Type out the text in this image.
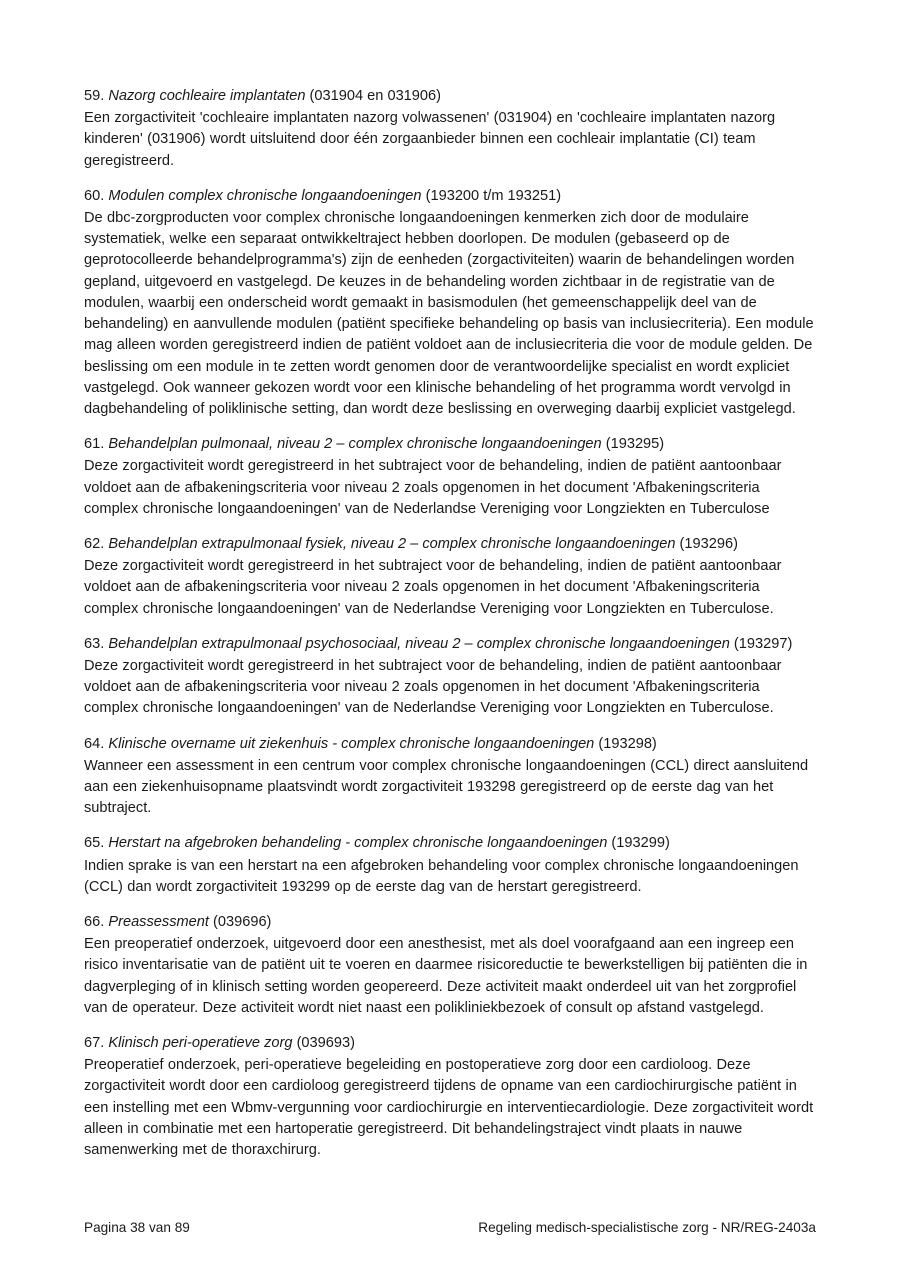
59. Nazorg cochleaire implantaten (031904 en 031906)

Een zorgactiviteit 'cochleaire implantaten nazorg volwassenen' (031904) en 'cochleaire implantaten nazorg kinderen' (031906) wordt uitsluitend door één zorgaanbieder binnen een cochleair implantatie (CI) team geregistreerd.

60. Modulen complex chronische longaandoeningen (193200 t/m 193251)

De dbc-zorgproducten voor complex chronische longaandoeningen kenmerken zich door de modulaire systematiek, welke een separaat ontwikkeltraject hebben doorlopen. De modulen (gebaseerd op de geprotocolleerde behandelprogramma's) zijn de eenheden (zorgactiviteiten) waarin de behandelingen worden gepland, uitgevoerd en vastgelegd. De keuzes in de behandeling worden zichtbaar in de registratie van de modulen, waarbij een onderscheid wordt gemaakt in basismodulen (het gemeenschappelijk deel van de behandeling) en aanvullende modulen (patiënt specifieke behandeling op basis van inclusiecriteria). Een module mag alleen worden geregistreerd indien de patiënt voldoet aan de inclusiecriteria die voor de module gelden. De beslissing om een module in te zetten wordt genomen door de verantwoordelijke specialist en wordt expliciet vastgelegd. Ook wanneer gekozen wordt voor een klinische behandeling of het programma wordt vervolgd in dagbehandeling of poliklinische setting, dan wordt deze beslissing en overweging daarbij expliciet vastgelegd.

61. Behandelplan pulmonaal, niveau 2 – complex chronische longaandoeningen (193295)

Deze zorgactiviteit wordt geregistreerd in het subtraject voor de behandeling, indien de patiënt aantoonbaar voldoet aan de afbakeningscriteria voor niveau 2 zoals opgenomen in het document 'Afbakeningscriteria complex chronische longaandoeningen' van de Nederlandse Vereniging voor Longziekten en Tuberculose

62. Behandelplan extrapulmonaal fysiek, niveau 2 – complex chronische longaandoeningen (193296)

Deze zorgactiviteit wordt geregistreerd in het subtraject voor de behandeling, indien de patiënt aantoonbaar voldoet aan de afbakeningscriteria voor niveau 2 zoals opgenomen in het document 'Afbakeningscriteria complex chronische longaandoeningen' van de Nederlandse Vereniging voor Longziekten en Tuberculose.

63. Behandelplan extrapulmonaal psychosociaal, niveau 2 – complex chronische longaandoeningen (193297)

Deze zorgactiviteit wordt geregistreerd in het subtraject voor de behandeling, indien de patiënt aantoonbaar voldoet aan de afbakeningscriteria voor niveau 2 zoals opgenomen in het document 'Afbakeningscriteria complex chronische longaandoeningen' van de Nederlandse Vereniging voor Longziekten en Tuberculose.

64. Klinische overname uit ziekenhuis - complex chronische longaandoeningen (193298)

Wanneer een assessment in een centrum voor complex chronische longaandoeningen (CCL) direct aansluitend aan een ziekenhuisopname plaatsvindt wordt zorgactiviteit 193298 geregistreerd op de eerste dag van het subtraject.

65. Herstart na afgebroken behandeling - complex chronische longaandoeningen (193299)

Indien sprake is van een herstart na een afgebroken behandeling voor complex chronische longaandoeningen (CCL) dan wordt zorgactiviteit 193299 op de eerste dag van de herstart geregistreerd.

66. Preassessment (039696)

Een preoperatief onderzoek, uitgevoerd door een anesthesist, met als doel voorafgaand aan een ingreep een risico inventarisatie van de patiënt uit te voeren en daarmee risicoreductie te bewerkstelligen bij patiënten die in dagverpleging of in klinisch setting worden geopereerd. Deze activiteit maakt onderdeel uit van het zorgprofiel van de operateur. Deze activiteit wordt niet naast een polikliniekbezoek of consult op afstand vastgelegd.

67. Klinisch peri-operatieve zorg (039693)

Preoperatief onderzoek, peri-operatieve begeleiding en postoperatieve zorg door een cardioloog. Deze zorgactiviteit wordt door een cardioloog geregistreerd tijdens de opname van een cardiochirurgische patiënt in een instelling met een Wbmv-vergunning voor cardiochirurgie en interventiecardiologie. Deze zorgactiviteit wordt alleen in combinatie met een hartoperatie geregistreerd. Dit behandelingstraject vindt plaats in nauwe samenwerking met de thoraxchirurg.

Pagina 38 van 89	Regeling medisch-specialistische zorg - NR/REG-2403a
